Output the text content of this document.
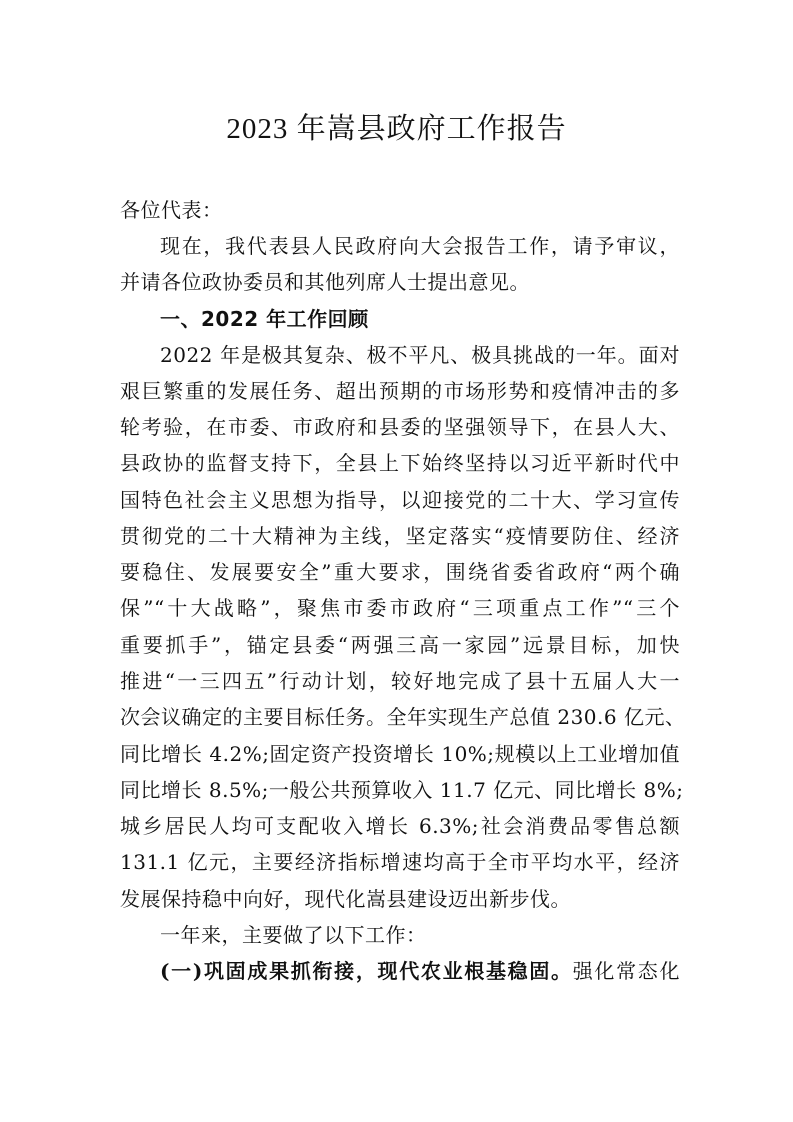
2023 年嵩县政府工作报告
各位代表：
现在，我代表县人民政府向大会报告工作，请予审议，
并请各位政协委员和其他列席人士提出意见。
一、2022 年工作回顾
2022 年是极其复杂、极不平凡、极具挑战的一年。面对
艰巨繁重的发展任务、超出预期的市场形势和疫情冲击的多
轮考验，在市委、市政府和县委的坚强领导下，在县人大、
县政协的监督支持下，全县上下始终坚持以习近平新时代中
国特色社会主义思想为指导，以迎接党的二十大、学习宣传
贯彻党的二十大精神为主线，坚定落实“疫情要防住、经济
要稳住、发展要安全”重大要求，围绕省委省政府“两个确
保”“十大战略”，聚焦市委市政府“三项重点工作”“三个
重要抓手”，锚定县委“两强三高一家园”远景目标，加快
推进“一三四五”行动计划，较好地完成了县十五届人大一
次会议确定的主要目标任务。全年实现生产总值 230.6 亿元、
同比增长 4.2%;固定资产投资增长 10%;规模以上工业增加值
同比增长 8.5%;一般公共预算收入 11.7 亿元、同比增长 8%;
城乡居民人均可支配收入增长 6.3%;社会消费品零售总额
131.1 亿元，主要经济指标增速均高于全市平均水平，经济
发展保持稳中向好，现代化嵩县建设迈出新步伐。
一年来，主要做了以下工作：
(一)巩固成果抓衔接，现代农业根基稳固。强化常态化
